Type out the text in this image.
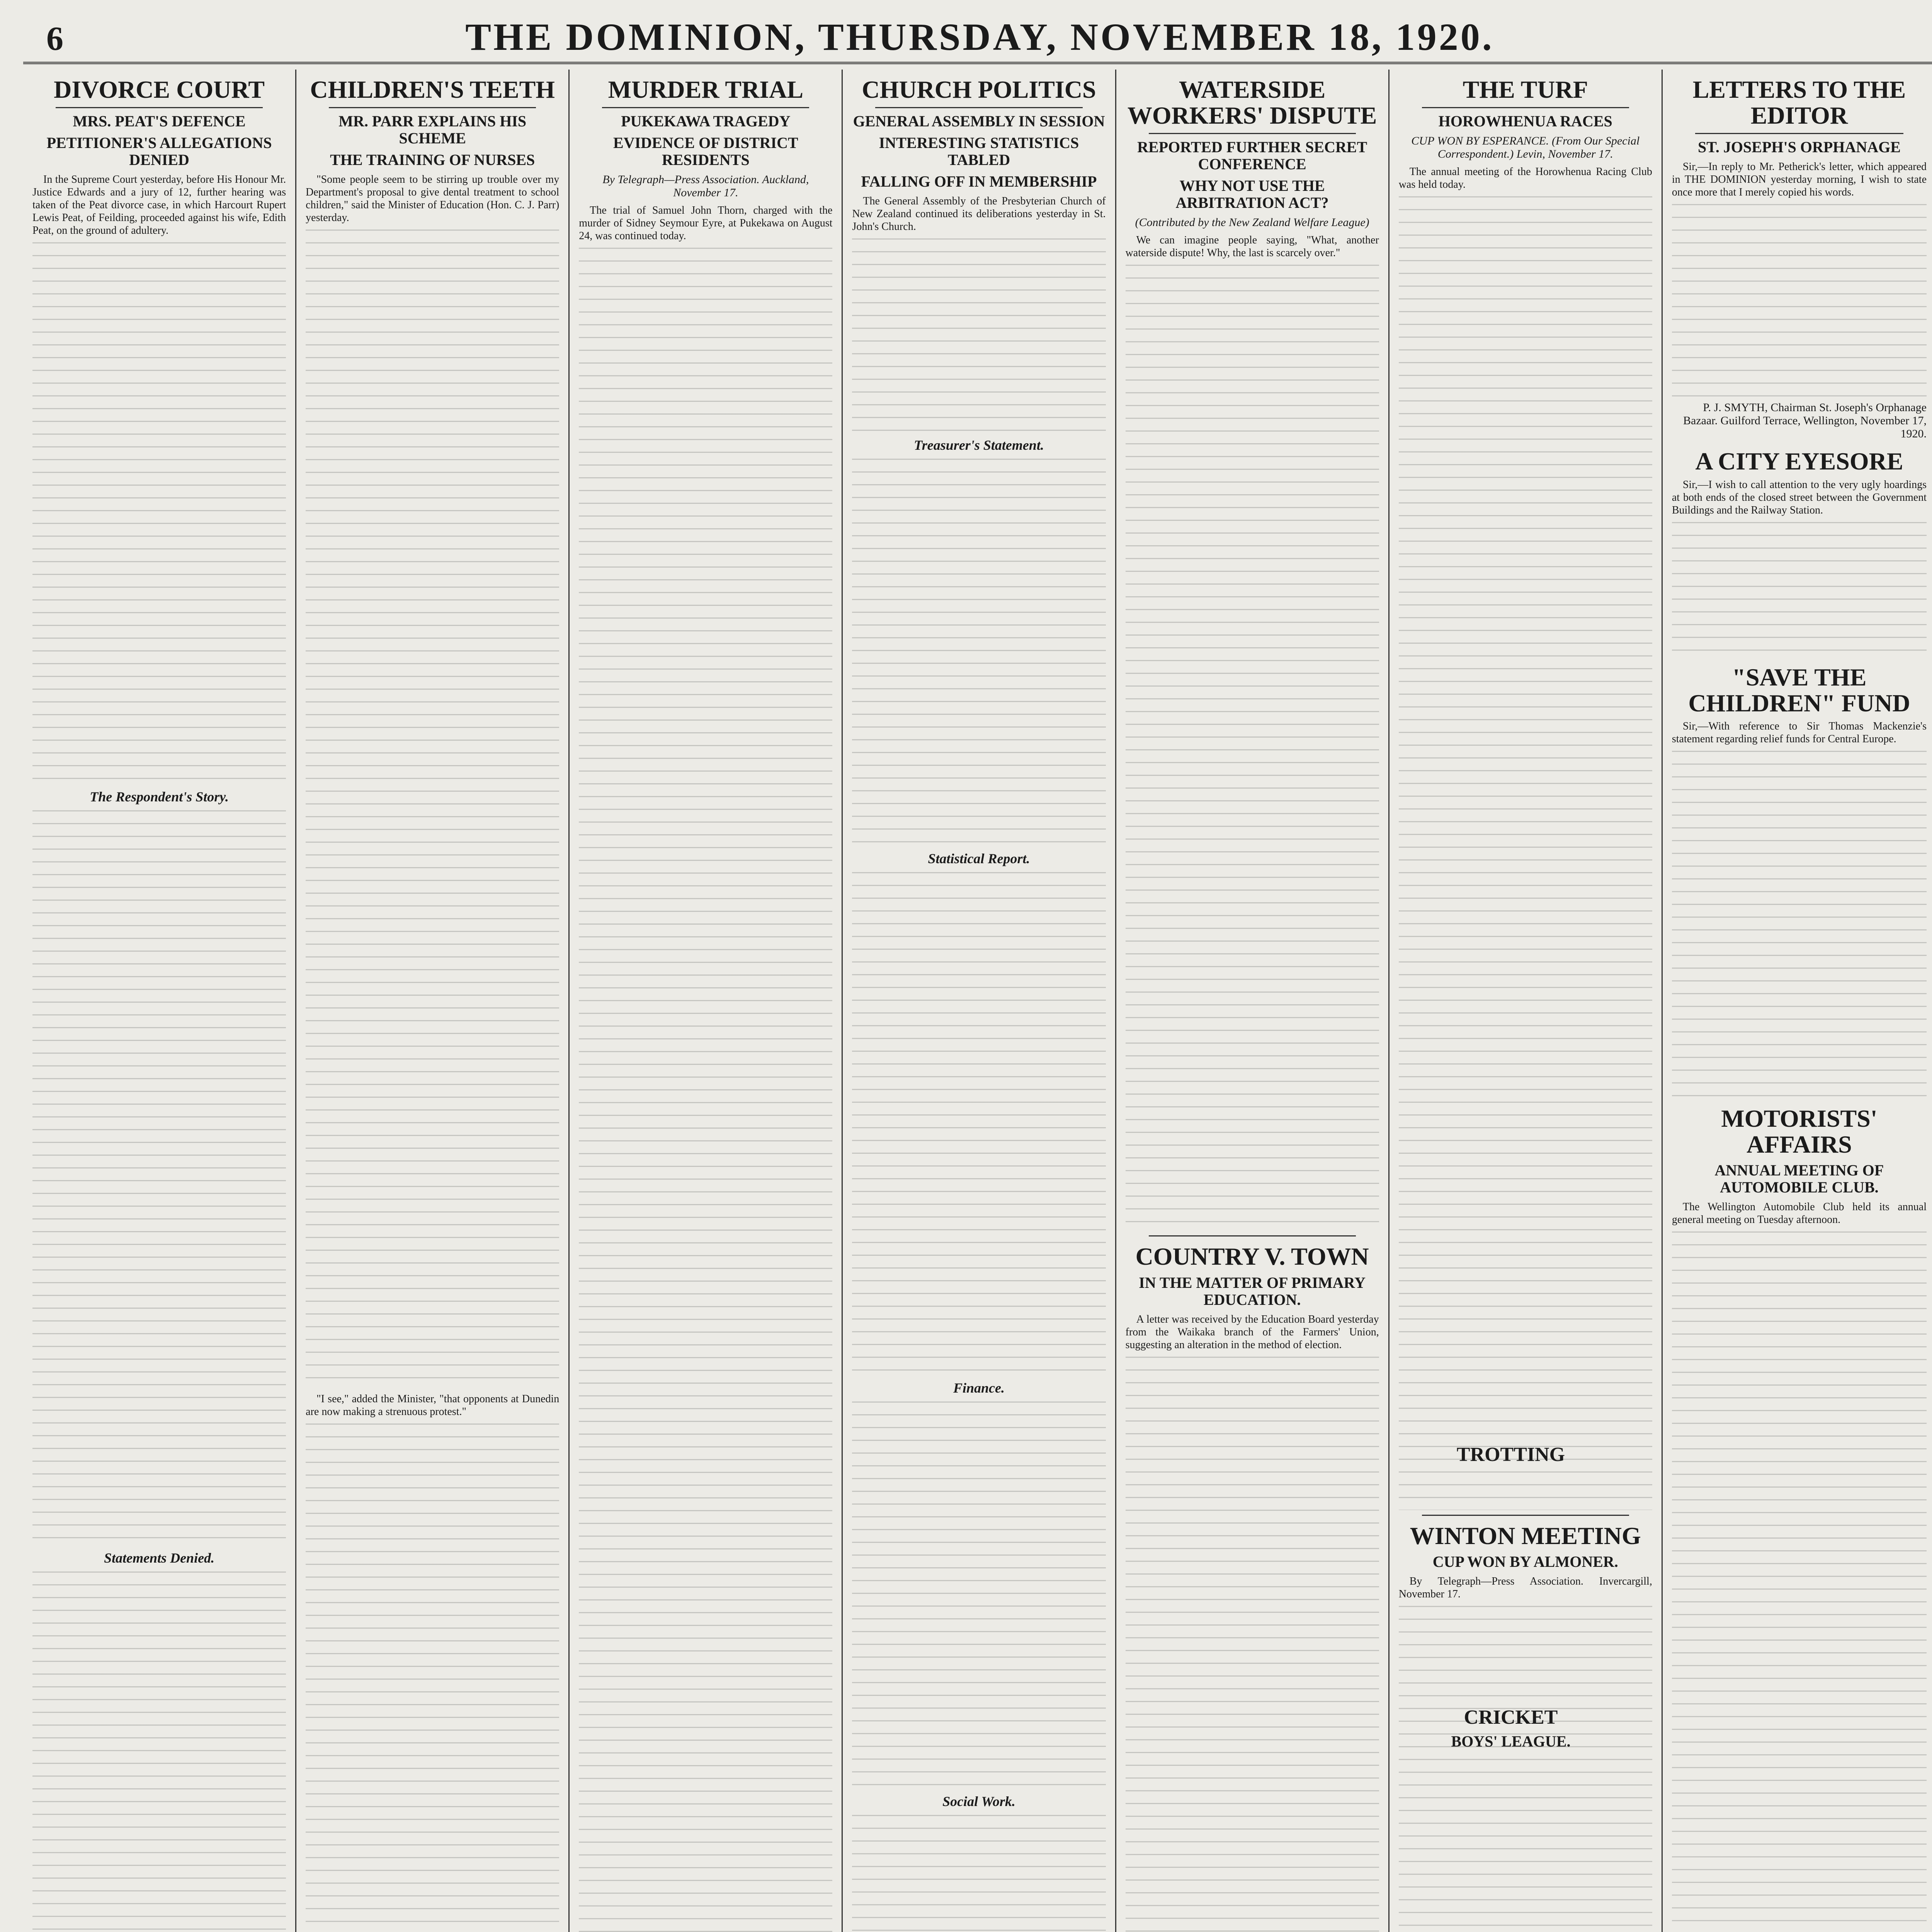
6	THE DOMINION, THURSDAY, NOVEMBER 18, 1920.
DIVORCE COURT
MRS. PEAT'S DEFENCE
PETITIONER'S ALLEGATIONS DENIED

In the Supreme Court yesterday, before His Honour Mr. Justice Edwards and a jury of 12, further hearing was taken of the Peat divorce case, in which Harcourt Rupert Lewis Peat, of Feilding, proceeded against his wife, Edith Peat, on the ground of adultery.

The Respondent's Story.
Statements Denied.
CHILDREN'S TEETH
MR. PARR EXPLAINS HIS SCHEME
THE TRAINING OF NURSES

"Some people seem to be stirring up trouble over my Department's proposal to give dental treatment to school children," said the Minister of Education (Hon. C. J. Parr) yesterday.

"I see," added the Minister, "that opponents at Dunedin are now making a strenuous protest."

MURDER TRIAL
PUKEKAWA TRAGEDY
EVIDENCE OF DISTRICT RESIDENTS
By Telegraph—Press Association. Auckland, November 17.

The trial of Samuel John Thorn, charged with the murder of Sidney Seymour Eyre, at Pukekawa on August 24, was continued today.

CHURCH POLITICS
GENERAL ASSEMBLY IN SESSION
INTERESTING STATISTICS TABLED
FALLING OFF IN MEMBERSHIP

The General Assembly of the Presbyterian Church of New Zealand continued its deliberations yesterday in St. John's Church.

Treasurer's Statement.
Statistical Report.
Finance.
Social Work.
WATERSIDE WORKERS' DISPUTE
REPORTED FURTHER SECRET CONFERENCE
WHY NOT USE THE ARBITRATION ACT?
(Contributed by the New Zealand Welfare League)

We can imagine people saying, "What, another waterside dispute! Why, the last is scarcely over."

COUNTRY V. TOWN
IN THE MATTER OF PRIMARY EDUCATION.

A letter was received by the Education Board yesterday from the Waikaka branch of the Farmers' Union, suggesting an alteration in the method of election.

THE TURF
HOROWHENUA RACES
CUP WON BY ESPERANCE. (From Our Special Correspondent.) Levin, November 17.

The annual meeting of the Horowhenua Racing Club was held today.

WINTON MEETING
CUP WON BY ALMONER.

By Telegraph—Press Association. Invercargill, November 17.

LETTERS TO THE EDITOR
ST. JOSEPH'S ORPHANAGE

Sir,—In reply to Mr. Petherick's letter, which appeared in THE DOMINION yesterday morning, I wish to state once more that I merely copied his words.

P. J. SMYTH, Chairman St. Joseph's Orphanage Bazaar. Guilford Terrace, Wellington, November 17, 1920.
A CITY EYESORE

Sir,—I wish to call attention to the very ugly hoardings at both ends of the closed street between the Government Buildings and the Railway Station.

"SAVE THE CHILDREN" FUND

Sir,—With reference to Sir Thomas Mackenzie's statement regarding relief funds for Central Europe.

MOTORISTS' AFFAIRS
ANNUAL MEETING OF AUTOMOBILE CLUB.

The Wellington Automobile Club held its annual general meeting on Tuesday afternoon.

TROTTING
CRICKET
BOYS' LEAGUE.
